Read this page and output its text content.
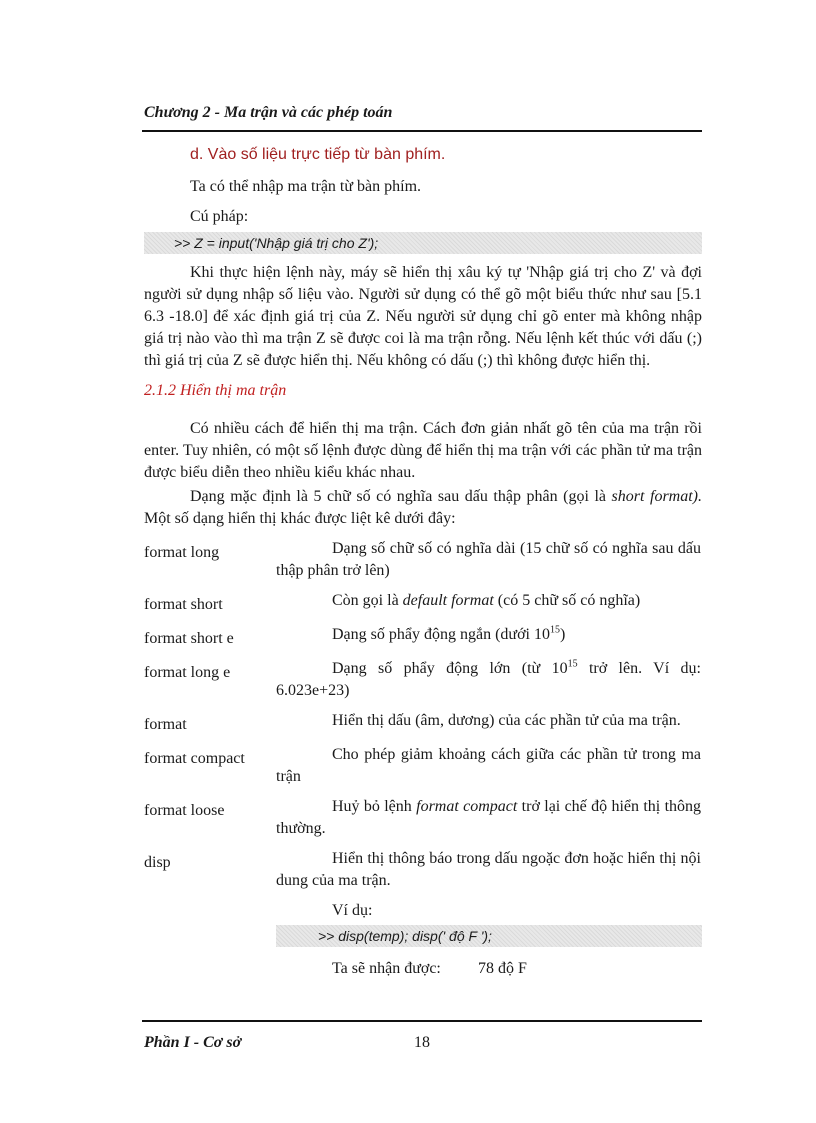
Chương 2 - Ma trận và các phép toán
d. Vào số liệu trực tiếp từ bàn phím.
Ta có thể nhập ma trận từ bàn phím.
Cú pháp:
>> Z = input('Nhập giá trị cho Z');
Khi thực hiện lệnh này, máy sẽ hiển thị xâu ký tự 'Nhập giá trị cho Z' và đợi người sử dụng nhập số liệu vào. Người sử dụng có thể gõ một biểu thức như sau [5.1 6.3 -18.0] để xác định giá trị của Z. Nếu người sử dụng chỉ gõ enter mà không nhập giá trị nào vào thì ma trận Z sẽ được coi là ma trận rỗng. Nếu lệnh kết thúc với dấu (;) thì giá trị của Z sẽ được hiển thị. Nếu không có dấu (;) thì không được hiển thị.
2.1.2 Hiển thị ma trận
Có nhiều cách để hiển thị ma trận. Cách đơn giản nhất gõ tên của ma trận rồi enter. Tuy nhiên, có một số lệnh được dùng để hiển thị ma trận với các phần tử ma trận được biểu diễn theo nhiều kiểu khác nhau.
Dạng mặc định là 5 chữ số có nghĩa sau dấu thập phân (gọi là short format). Một số dạng hiển thị khác được liệt kê dưới đây:
format long	Dạng số chữ số có nghĩa dài (15 chữ số có nghĩa sau dấu thập phân trở lên)
format short	Còn gọi là default format (có 5 chữ số có nghĩa)
format short e	Dạng số phẩy động ngắn (dưới $10^{15}$)
format long e	Dạng số phẩy động lớn (từ $10^{15}$ trở lên. Ví dụ: 6.023e+23)
format	Hiển thị dấu (âm, dương) của các phần tử của ma trận.
format compact	Cho phép giảm khoảng cách giữa các phần tử trong ma trận
format loose	Huỷ bỏ lệnh format compact trở lại chế độ hiển thị thông thường.
disp	Hiển thị thông báo trong dấu ngoặc đơn hoặc hiển thị nội dung của ma trận.
Ví dụ:
>> disp(temp); disp(' độ F ');
Ta sẽ nhận được: 78 độ F
Phần I - Cơ sở	18
